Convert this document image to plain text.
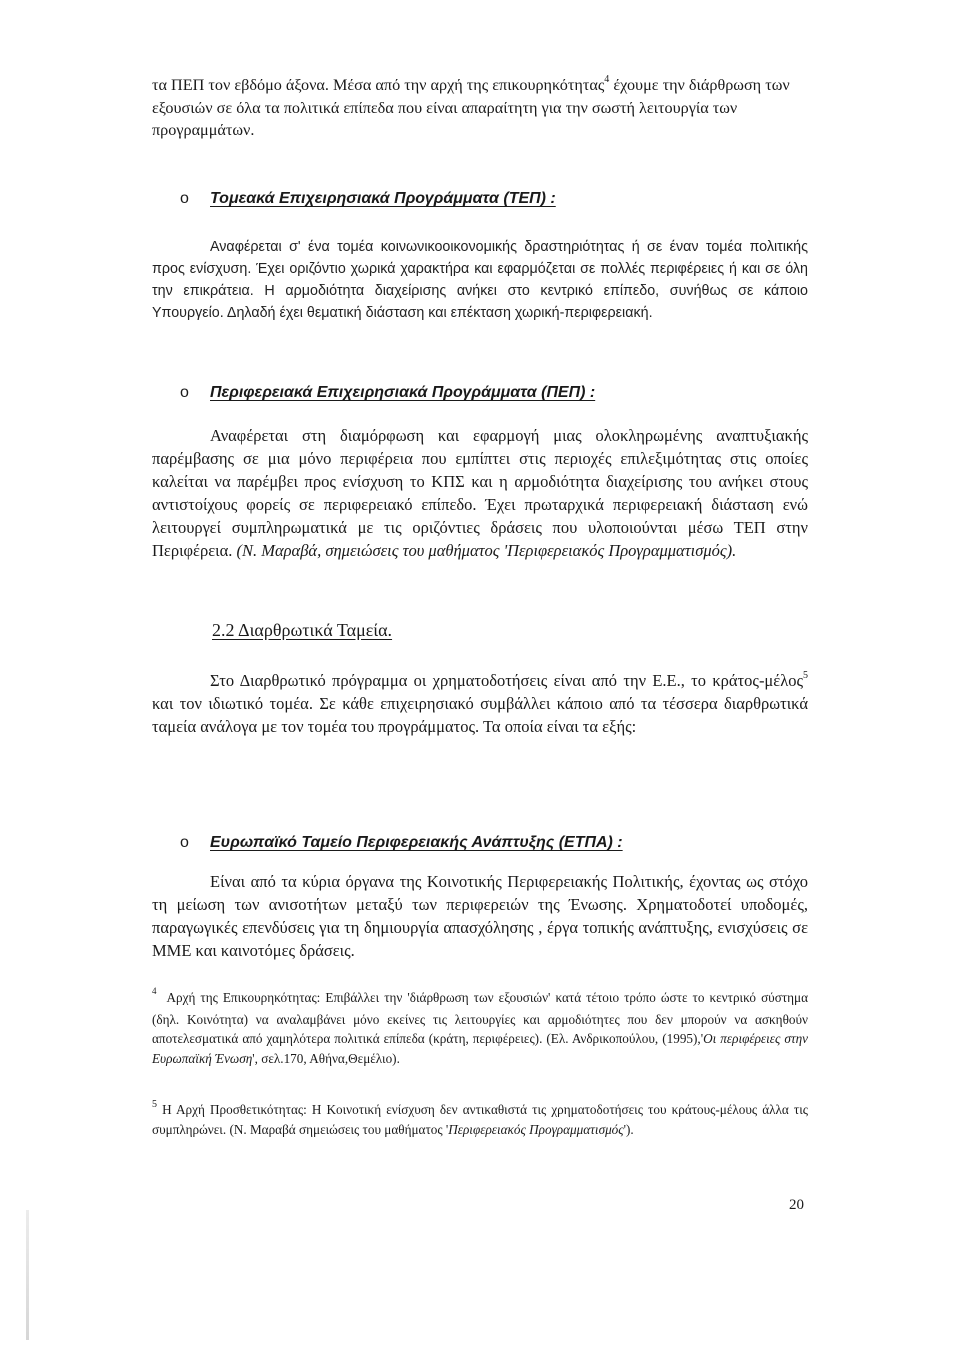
τα ΠΕΠ τον εβδόμο άξονα. Μέσα από την αρχή της επικουρηκότητας$^4$ έχουμε την διάρθρωση των εξουσιών σε όλα τα πολιτικά επίπεδα που είναι απαραίτητη για την σωστή λειτουργία των προγραμμάτων.

o Τομεακά Επιχειρησιακά Προγράμματα (ΤΕΠ) :

Αναφέρεται σ' ένα τομέα κοινωνικοοικονομικής δραστηριότητας ή σε έναν τομέα πολιτικής προς ενίσχυση. Έχει οριζόντιο χωρικά χαρακτήρα και εφαρμόζεται σε πολλές περιφέρειες ή και σε όλη την επικράτεια. Η αρμοδιότητα διαχείρισης ανήκει στο κεντρικό επίπεδο, συνήθως σε κάποιο Υπουργείο. Δηλαδή έχει θεματική διάσταση και επέκταση χωρική-περιφερειακή.

o Περιφερειακά Επιχειρησιακά Προγράμματα (ΠΕΠ) :

Αναφέρεται στη διαμόρφωση και εφαρμογή μιας ολοκληρωμένης αναπτυξιακής παρέμβασης σε μια μόνο περιφέρεια που εμπίπτει στις περιοχές επιλεξιμότητας στις οποίες καλείται να παρέμβει προς ενίσχυση το ΚΠΣ και η αρμοδιότητα διαχείρισης του ανήκει στους αντιστοίχους φορείς σε περιφερειακό επίπεδο. Έχει πρωταρχικά περιφερειακή διάσταση ενώ λειτουργεί συμπληρωματικά με τις οριζόντιες δράσεις που υλοποιούνται μέσω ΤΕΠ στην Περιφέρεια. (Ν. Μαραβά, σημειώσεις του μαθήματος 'Περιφερειακός Προγραμματισμός).

2.2 Διαρθρωτικά Ταμεία.

Στο Διαρθρωτικό πρόγραμμα οι χρηματοδοτήσεις είναι από την Ε.Ε., το κράτος-μέλος$^5$ και τον ιδιωτικό τομέα. Σε κάθε επιχειρησιακό συμβάλλει κάποιο από τα τέσσερα διαρθρωτικά ταμεία ανάλογα με τον τομέα του προγράμματος. Τα οποία είναι τα εξής:

o Ευρωπαϊκό Ταμείο Περιφερειακής Ανάπτυξης (ΕΤΠΑ) :

Είναι από τα κύρια όργανα της Κοινοτικής Περιφερειακής Πολιτικής, έχοντας ως στόχο τη μείωση των ανισοτήτων μεταξύ των περιφερειών της Ένωσης. Χρηματοδοτεί υποδομές, παραγωγικές επενδύσεις για τη δημιουργία απασχόλησης , έργα τοπικής ανάπτυξης, ενισχύσεις σε ΜΜΕ και καινοτόμες δράσεις.

$^4$ Αρχή της Επικουρηκότητας: Επιβάλλει την 'διάρθρωση των εξουσιών' κατά τέτοιο τρόπο ώστε το κεντρικό σύστημα (δηλ. Κοινότητα) να αναλαμβάνει μόνο εκείνες τις λειτουργίες και αρμοδιότητες που δεν μπορούν να ασκηθούν αποτελεσματικά από χαμηλότερα πολιτικά επίπεδα (κράτη, περιφέρειες). (Ελ. Ανδρικοπούλου, (1995),'Οι περιφέρειες στην Ευρωπαϊκή Ένωση', σελ.170, Αθήνα,Θεμέλιο).

$^5$ Η Αρχή Προσθετικότητας: Η Κοινοτική ενίσχυση δεν αντικαθιστά τις χρηματοδοτήσεις του κράτους-μέλους άλλα τις συμπληρώνει. (Ν. Μαραβά σημειώσεις του μαθήματος 'Περιφερειακός Προγραμματισμός').

20
